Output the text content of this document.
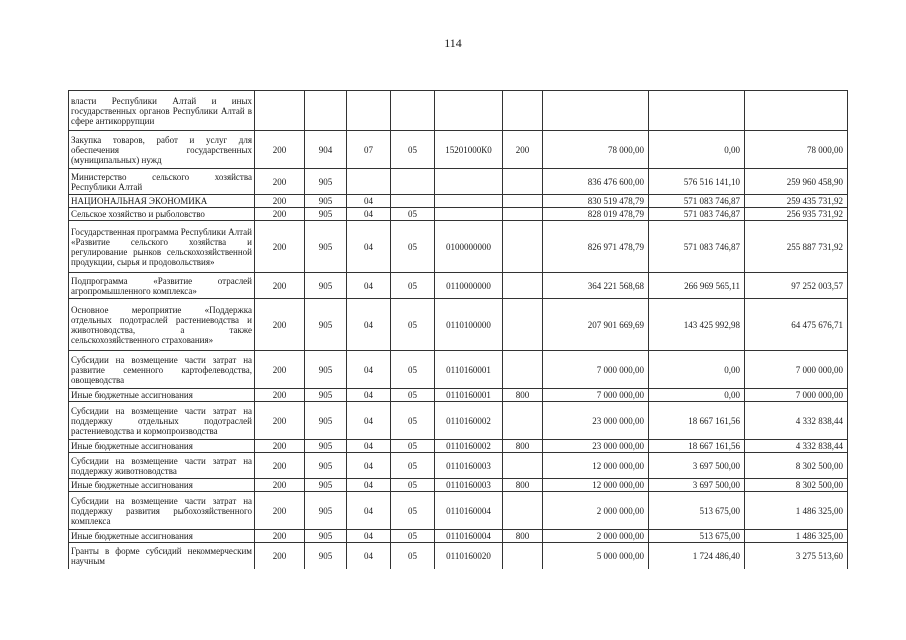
114
власти Республики Алтай и иных государственных органов Республики Алтай в сфере антикоррупции									
Закупка товаров, работ и услуг для обеспечения государственных (муниципальных) нужд	200	904	07	05	15201000К0	200	78 000,00	0,00	78 000,00
Министерство сельского хозяйства Республики Алтай	200	905					836 476 600,00	576 516 141,10	259 960 458,90
НАЦИОНАЛЬНАЯ ЭКОНОМИКА	200	905	04				830 519 478,79	571 083 746,87	259 435 731,92
Сельское хозяйство и рыболовство	200	905	04	05			828 019 478,79	571 083 746,87	256 935 731,92
Государственная программа Республики Алтай «Развитие сельского хозяйства и регулирование рынков сельскохозяйственной продукции, сырья и продовольствия»	200	905	04	05	0100000000		826 971 478,79	571 083 746,87	255 887 731,92
Подпрограмма «Развитие отраслей агропромышленного комплекса»	200	905	04	05	0110000000		364 221 568,68	266 969 565,11	97 252 003,57
Основное мероприятие «Поддержка отдельных подотраслей растениеводства и животноводства, а также сельскохозяйственного страхования»	200	905	04	05	0110100000		207 901 669,69	143 425 992,98	64 475 676,71
Субсидии на возмещение части затрат на развитие семенного картофелеводства, овощеводства	200	905	04	05	0110160001		7 000 000,00	0,00	7 000 000,00
Иные бюджетные ассигнования	200	905	04	05	0110160001	800	7 000 000,00	0,00	7 000 000,00
Субсидии на возмещение части затрат на поддержку отдельных подотраслей растениеводства и кормопроизводства	200	905	04	05	0110160002		23 000 000,00	18 667 161,56	4 332 838,44
Иные бюджетные ассигнования	200	905	04	05	0110160002	800	23 000 000,00	18 667 161,56	4 332 838,44
Субсидии на возмещение части затрат на поддержку животноводства	200	905	04	05	0110160003		12 000 000,00	3 697 500,00	8 302 500,00
Иные бюджетные ассигнования	200	905	04	05	0110160003	800	12 000 000,00	3 697 500,00	8 302 500,00
Субсидии на возмещение части затрат на поддержку развития рыбохозяйственного комплекса	200	905	04	05	0110160004		2 000 000,00	513 675,00	1 486 325,00
Иные бюджетные ассигнования	200	905	04	05	0110160004	800	2 000 000,00	513 675,00	1 486 325,00
Гранты в форме субсидий некоммерческим научным	200	905	04	05	0110160020		5 000 000,00	1 724 486,40	3 275 513,60
